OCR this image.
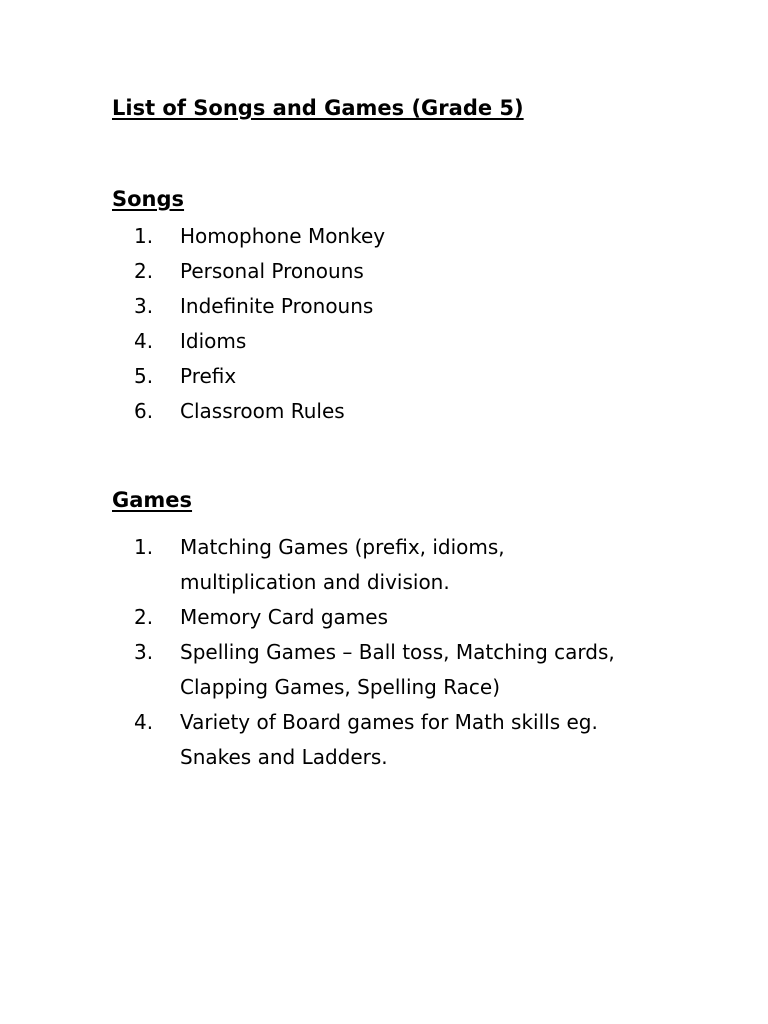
List of Songs and Games (Grade 5)
Songs
1. Homophone Monkey
2. Personal Pronouns
3. Indefinite Pronouns
4. Idioms
5. Prefix
6. Classroom Rules
Games
1. Matching Games (prefix, idioms,
multiplication and division.
2. Memory Card games
3. Spelling Games – Ball toss, Matching cards,
Clapping Games, Spelling Race)
4. Variety of Board games for Math skills eg.
Snakes and Ladders.
